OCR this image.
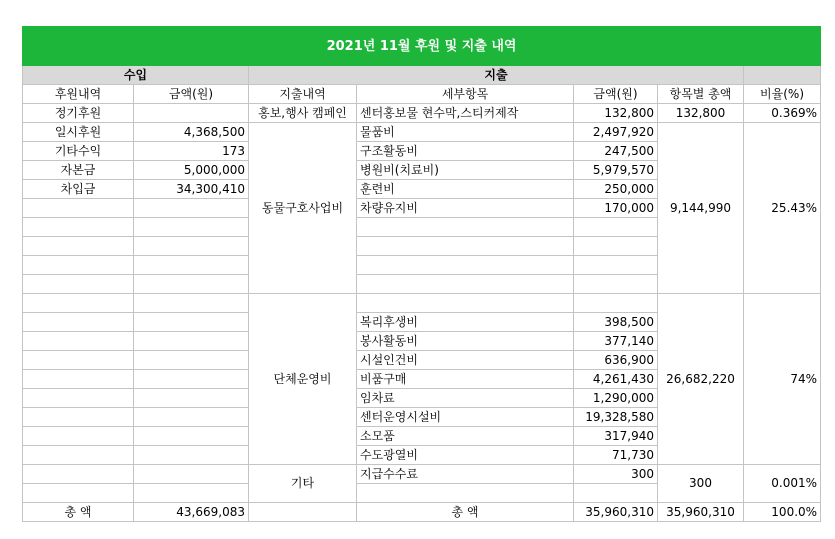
2021년 11월 후원 및 지출 내역						
수입		지출				
후원내역	금액(원)	지출내역	세부항목	금액(원)	항목별 총액	비율(%)
정기후원		홍보,행사 캠페인	센터홍보물 현수막,스티커제작	132,800	132,800	0.369%
일시후원	4,368,500	동물구호사업비	물품비	2,497,920	9,144,990	25.43%
기타수익	173		구조활동비	247,500		
자본금	5,000,000		병원비(치료비)	5,979,570		
차입금	34,300,410		훈련비	250,000		
			차량유지비	170,000		

		단체운영비			26,682,220	74%
			복리후생비	398,500		
			봉사활동비	377,140		
			시설인건비	636,900		
			비품구매	4,261,430		
			임차료	1,290,000		
			센터운영시설비	19,328,580		
			소모품	317,940		
			수도광열비	71,730		
		기타	지급수수료	300	300	0.001%

총 액	43,669,083		총 액	35,960,310	35,960,310	100.0%
